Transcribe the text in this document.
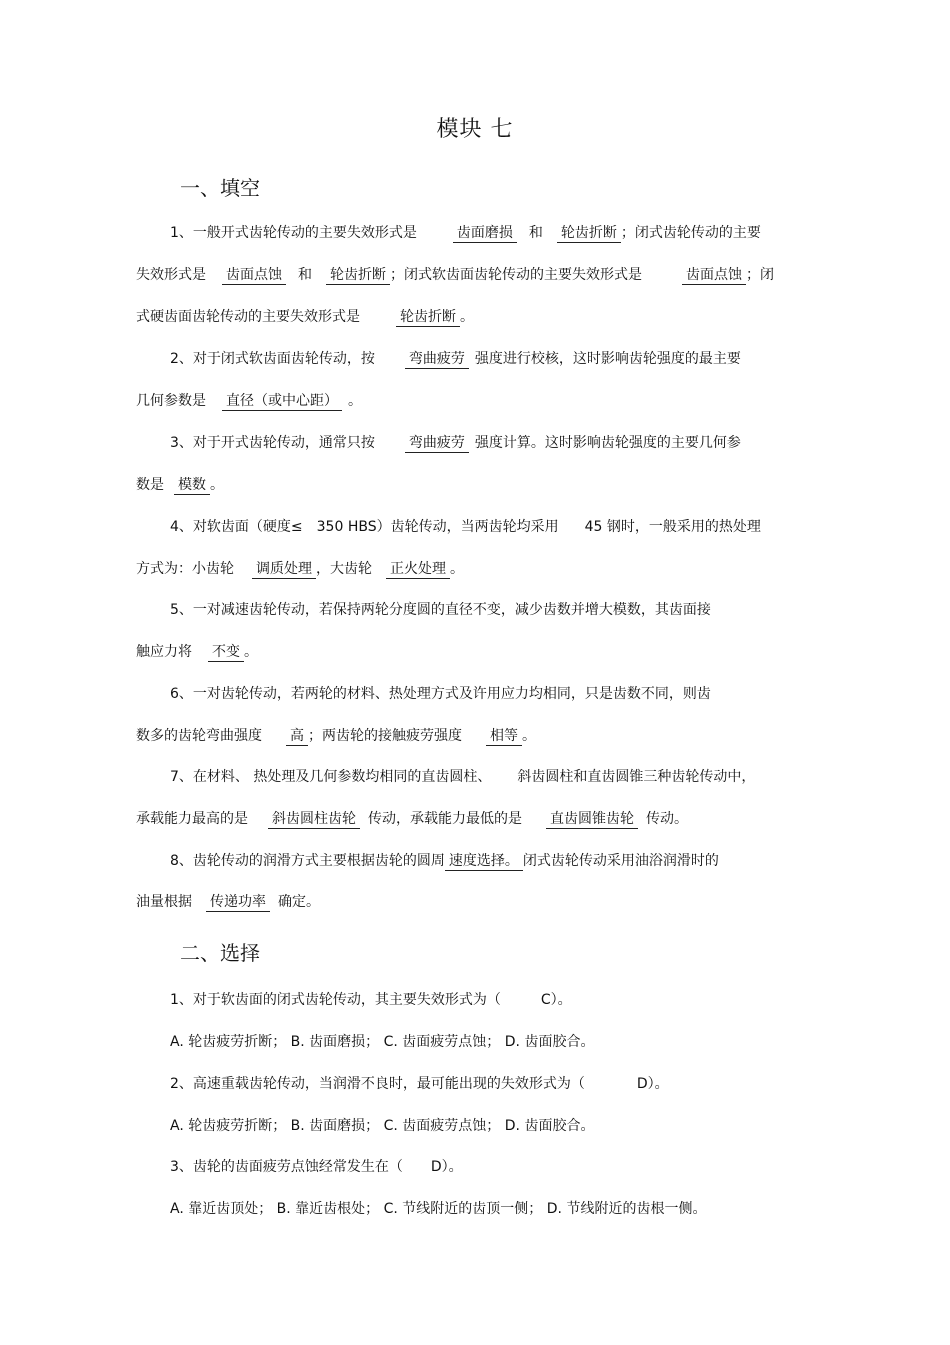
模块 七
一、填空
1、一般开式齿轮传动的主要失效形式是	齿面磨损 和 轮齿折断 ；闭式齿轮传动的主要
失效形式是 齿面点蚀 和 轮齿折断 ；闭式软齿面齿轮传动的主要失效形式是	齿面点蚀 ；闭
式硬齿面齿轮传动的主要失效形式是	轮齿折断 。
2、对于闭式软齿面齿轮传动，按 弯曲疲劳 强度进行校核，这时影响齿轮强度的最主要
几何参数是 直径（或中心距） 。
3、对于开式齿轮传动，通常只按 弯曲疲劳 强度计算。这时影响齿轮强度的主要几何参
数是 模数 。
4、对软齿面（硬度≤ 350 HBS）齿轮传动，当两齿轮均采用 45 钢时，一般采用的热处理
方式为：小齿轮 调质处理 ，大齿轮 正火处理 。
5、一对减速齿轮传动，若保持两轮分度圆的直径不变，减少齿数并增大模数，其齿面接
触应力将 不变 。
6、一对齿轮传动，若两轮的材料、热处理方式及许用应力均相同，只是齿数不同，则齿
数多的齿轮弯曲强度 高 ；两齿轮的接触疲劳强度 相等 。
7、在材料、 热处理及几何参数均相同的直齿圆柱、 斜齿圆柱和直齿圆锥三种齿轮传动中，
承载能力最高的是 斜齿圆柱齿轮 传动，承载能力最低的是 直齿圆锥齿轮 传动。
8、齿轮传动的润滑方式主要根据齿轮的圆周 速度选择。 闭式齿轮传动采用油浴润滑时的
油量根据 传递功率 确定。
二、选择
1、对于软齿面的闭式齿轮传动，其主要失效形式为（	C）。
A. 轮齿疲劳折断； B. 齿面磨损； C. 齿面疲劳点蚀； D. 齿面胶合。
2、高速重载齿轮传动，当润滑不良时，最可能出现的失效形式为（	D）。
A. 轮齿疲劳折断； B. 齿面磨损； C. 齿面疲劳点蚀； D. 齿面胶合。
3、齿轮的齿面疲劳点蚀经常发生在（ D）。
A. 靠近齿顶处； B. 靠近齿根处； C. 节线附近的齿顶一侧； D. 节线附近的齿根一侧。
